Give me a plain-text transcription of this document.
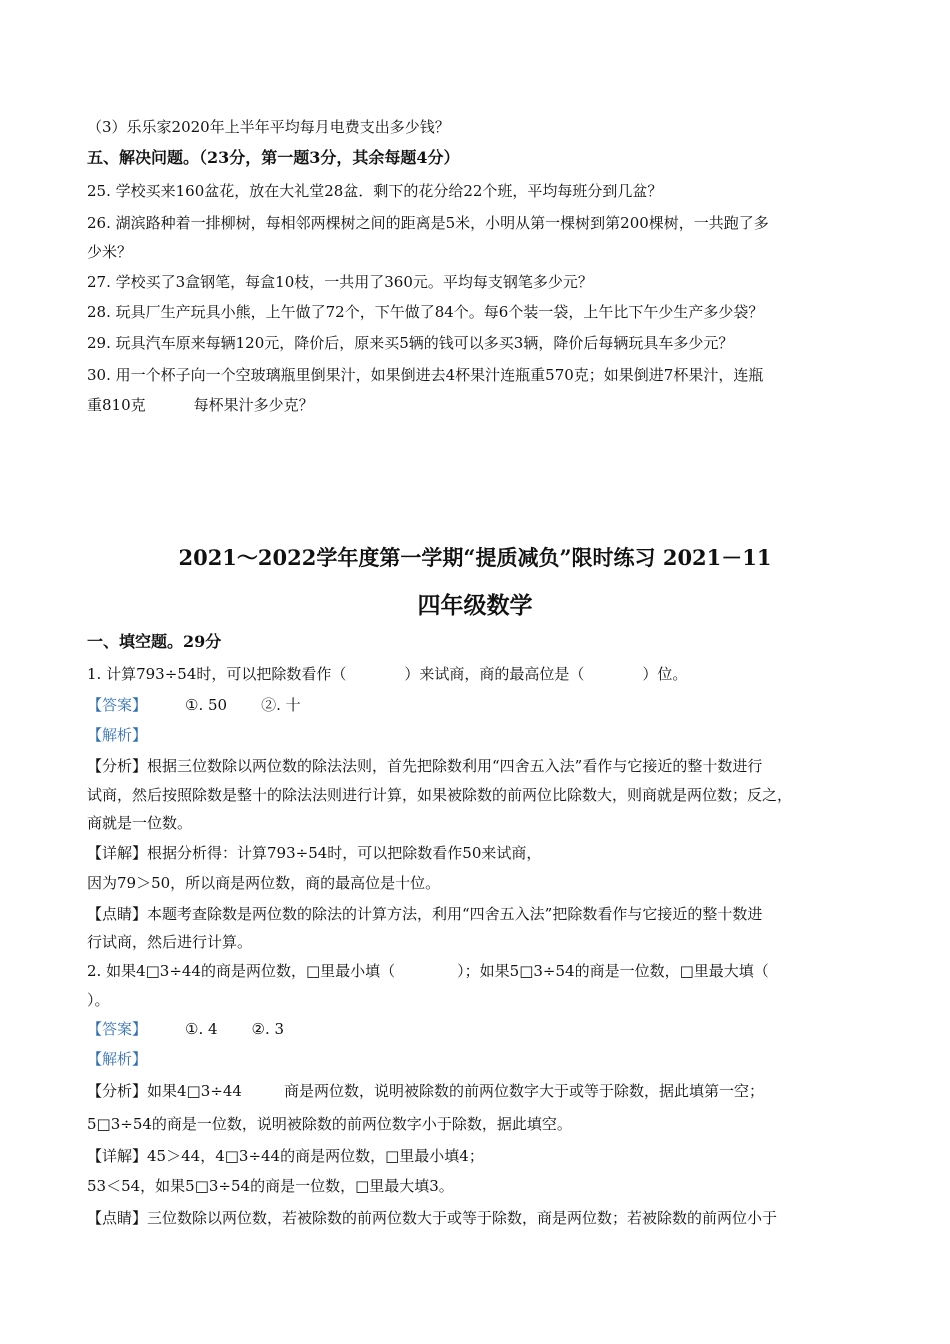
（3）乐乐家2020年上半年平均每月电费支出多少钱？
五、解决问题。（23分，第一题3分，其余每题4分）
25. 学校买来160盆花，放在大礼堂28盆．剩下的花分给22个班，平均每班分到几盆？
26. 湖滨路种着一排柳树，每相邻两棵树之间的距离是5米，小明从第一棵树到第200棵树，一共跑了多
少米？
27. 学校买了3盒钢笔，每盒10枝，一共用了360元。平均每支钢笔多少元？
28. 玩具厂生产玩具小熊，上午做了72个，下午做了84个。每6个装一袋，上午比下午少生产多少袋？
29. 玩具汽车原来每辆120元，降价后，原来买5辆的钱可以多买3辆，降价后每辆玩具车多少元？
30. 用一个杯子向一个空玻璃瓶里倒果汁，如果倒进去4杯果汁连瓶重570克；如果倒进7杯果汁，连瓶
重810克	每杯果汁多少克？
2021～2022学年度第一学期“提质减负”限时练习 2021－11
四年级数学
一、填空题。29分
1. 计算793÷54时，可以把除数看作（	）来试商，商的最高位是（	）位。
【答案】	①. 50 ②. 十
【解析】
【分析】根据三位数除以两位数的除法法则，首先把除数利用“四舍五入法”看作与它接近的整十数进行
试商，然后按照除数是整十的除法法则进行计算，如果被除数的前两位比除数大，则商就是两位数；反之，
商就是一位数。
【详解】根据分析得：计算793÷54时，可以把除数看作50来试商，
因为79＞50，所以商是两位数，商的最高位是十位。
【点睛】本题考查除数是两位数的除法的计算方法，利用“四舍五入法”把除数看作与它接近的整十数进
行试商，然后进行计算。
2. 如果4□3÷44的商是两位数，□里最小填（	）；如果5□3÷54的商是一位数，□里最大填（
）。
【答案】	①. 4 ②. 3
【解析】
【分析】如果4□3÷44	商是两位数，说明被除数的前两位数字大于或等于除数，据此填第一空；
5□3÷54的商是一位数，说明被除数的前两位数字小于除数，据此填空。
【详解】45＞44，4□3÷44的商是两位数，□里最小填4；
53＜54，如果5□3÷54的商是一位数，□里最大填3。
【点睛】三位数除以两位数，若被除数的前两位数大于或等于除数，商是两位数；若被除数的前两位小于
